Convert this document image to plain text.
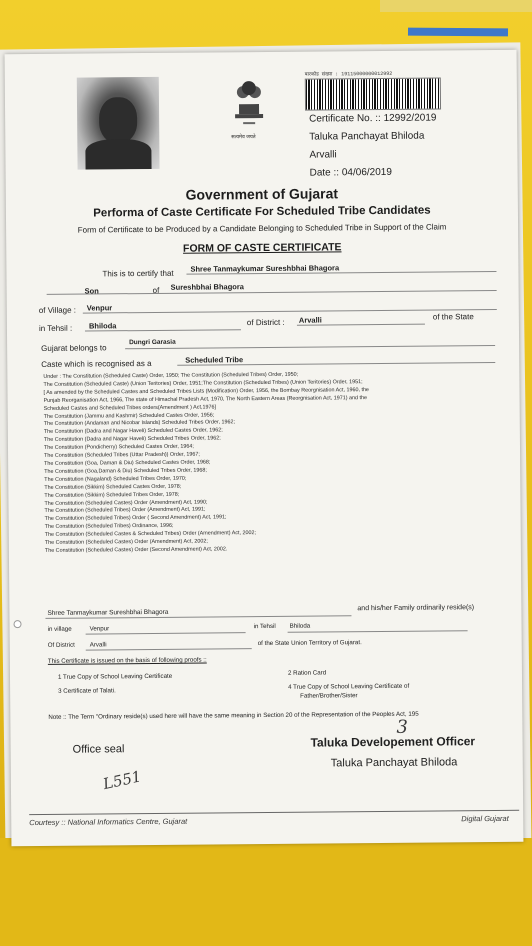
सत्यमेव जयते
बारकोड संख्या : 19115000000012992
Certificate No. :: 12992/2019
Taluka Panchayat Bhiloda
Arvalli
Date :: 04/06/2019
Government of Gujarat
Performa of Caste Certificate For Scheduled Tribe Candidates
Form of Certificate to be Produced by a Candidate Belonging to Scheduled Tribe in Support of the Claim
FORM OF CASTE CERTIFICATE
This is to certify that Shree Tanmaykumar Sureshbhai Bhagora
Son	of Sureshbhai Bhagora
of Village : Venpur
in Tehsil : Bhiloda	of District : Arvalli	of the State
Gujarat belongs to
Dungri Garasia
Caste which is recognised as a	Scheduled Tribe
Under : The Constitution (Scheduled Caste) Order, 1950; The Constitution (Scheduled Tribes) Order, 1950;
The Constitution (Scheduled Caste) (Union Teritories) Order, 1951;The Constitution (Scheduled Tribes) (Union Teritories) Order, 1951;
[ As amended by the Scheduled Castes and Scheduled Tribes Lists (Modification) Order, 1956, the Bombay Reorgnisation Act, 1960, the
Punjab Reorganisation Act, 1966, The state of Himachal Pradesh Act, 1970, The North Eastern Areas (Reorgnisation Act, 1971) and the
Scheduled Castes and Scheduled Tribes orders(Amendment ) Act,1976]
The Constitution (Jammu and Kashmir) Scheduled Castes Order, 1956;
The Constitution (Andaman and Nicobar Islands) Scheduled Tribes Order, 1962;
The Constitution (Dadra and Nagar Haveli) Scheduled Castes Order, 1962;
The Constitution (Dadra and Nagar Haveli) Scheduled Tribes Order, 1962;
The Constitution (Pondicherry) Scheduled Castes Order, 1964;
The Constitution (Scheduled Tribes (Uttar Pradesh)) Order, 1967;
The Constitution (Goa, Daman & Diu) Scheduled Castes Order, 1968;
The Constitution (Goa,Daman & Diu) Scheduled Tribes Order, 1968;
The Constitution (Nagaland) Scheduled Tribes Order, 1970;
The Constitution (Sikkim) Scheduled Castes Order, 1978;
The Constitution (Sikkim) Scheduled Tribes Order, 1978;
The Constitution (Scheduled Castes) Order (Amendment) Act, 1990;
The Constitution (Scheduled Tribes) Order (Amendment) Act, 1991;
The Constitution (Scheduled Tribes) Order ( Second Amendment) Act, 1991;
The Constitution (Scheduled Tribes) Ordinance, 1996;
The Constitution (Scheduled Castes & Scheduled Tribes) Order (Amendment) Act, 2002;
The Constitution (Scheduled Castes) Order (Amendment) Act, 2002;
The Constitution (Scheduled Castes) Order (Second Amendment) Act, 2002.
Shree Tanmaykumar Sureshbhai Bhagora
and his/her Family ordinarily reside(s)
in village	Venpur	in Tehsil Bhiloda
Of District Arvalli	of the State Union Territory of Gujarat.
This Certificate is issued on the basis of following proofs ::
1 True Copy of School Leaving Certificate	2 Ration Card
3 Certificate of Talati.
4 True Copy of School Leaving Certificate of
Father/Brother/Sister
Note :: The Term "Ordinary reside(s) used here will have the same meaning in Section 20 of the Representation of the Peoples Act, 195
Office seal	Taluka Developement Officer
Taluka Panchayat Bhiloda
L551
3
Courtesy :: National Informatics Centre, Gujarat	Digital Gujarat
